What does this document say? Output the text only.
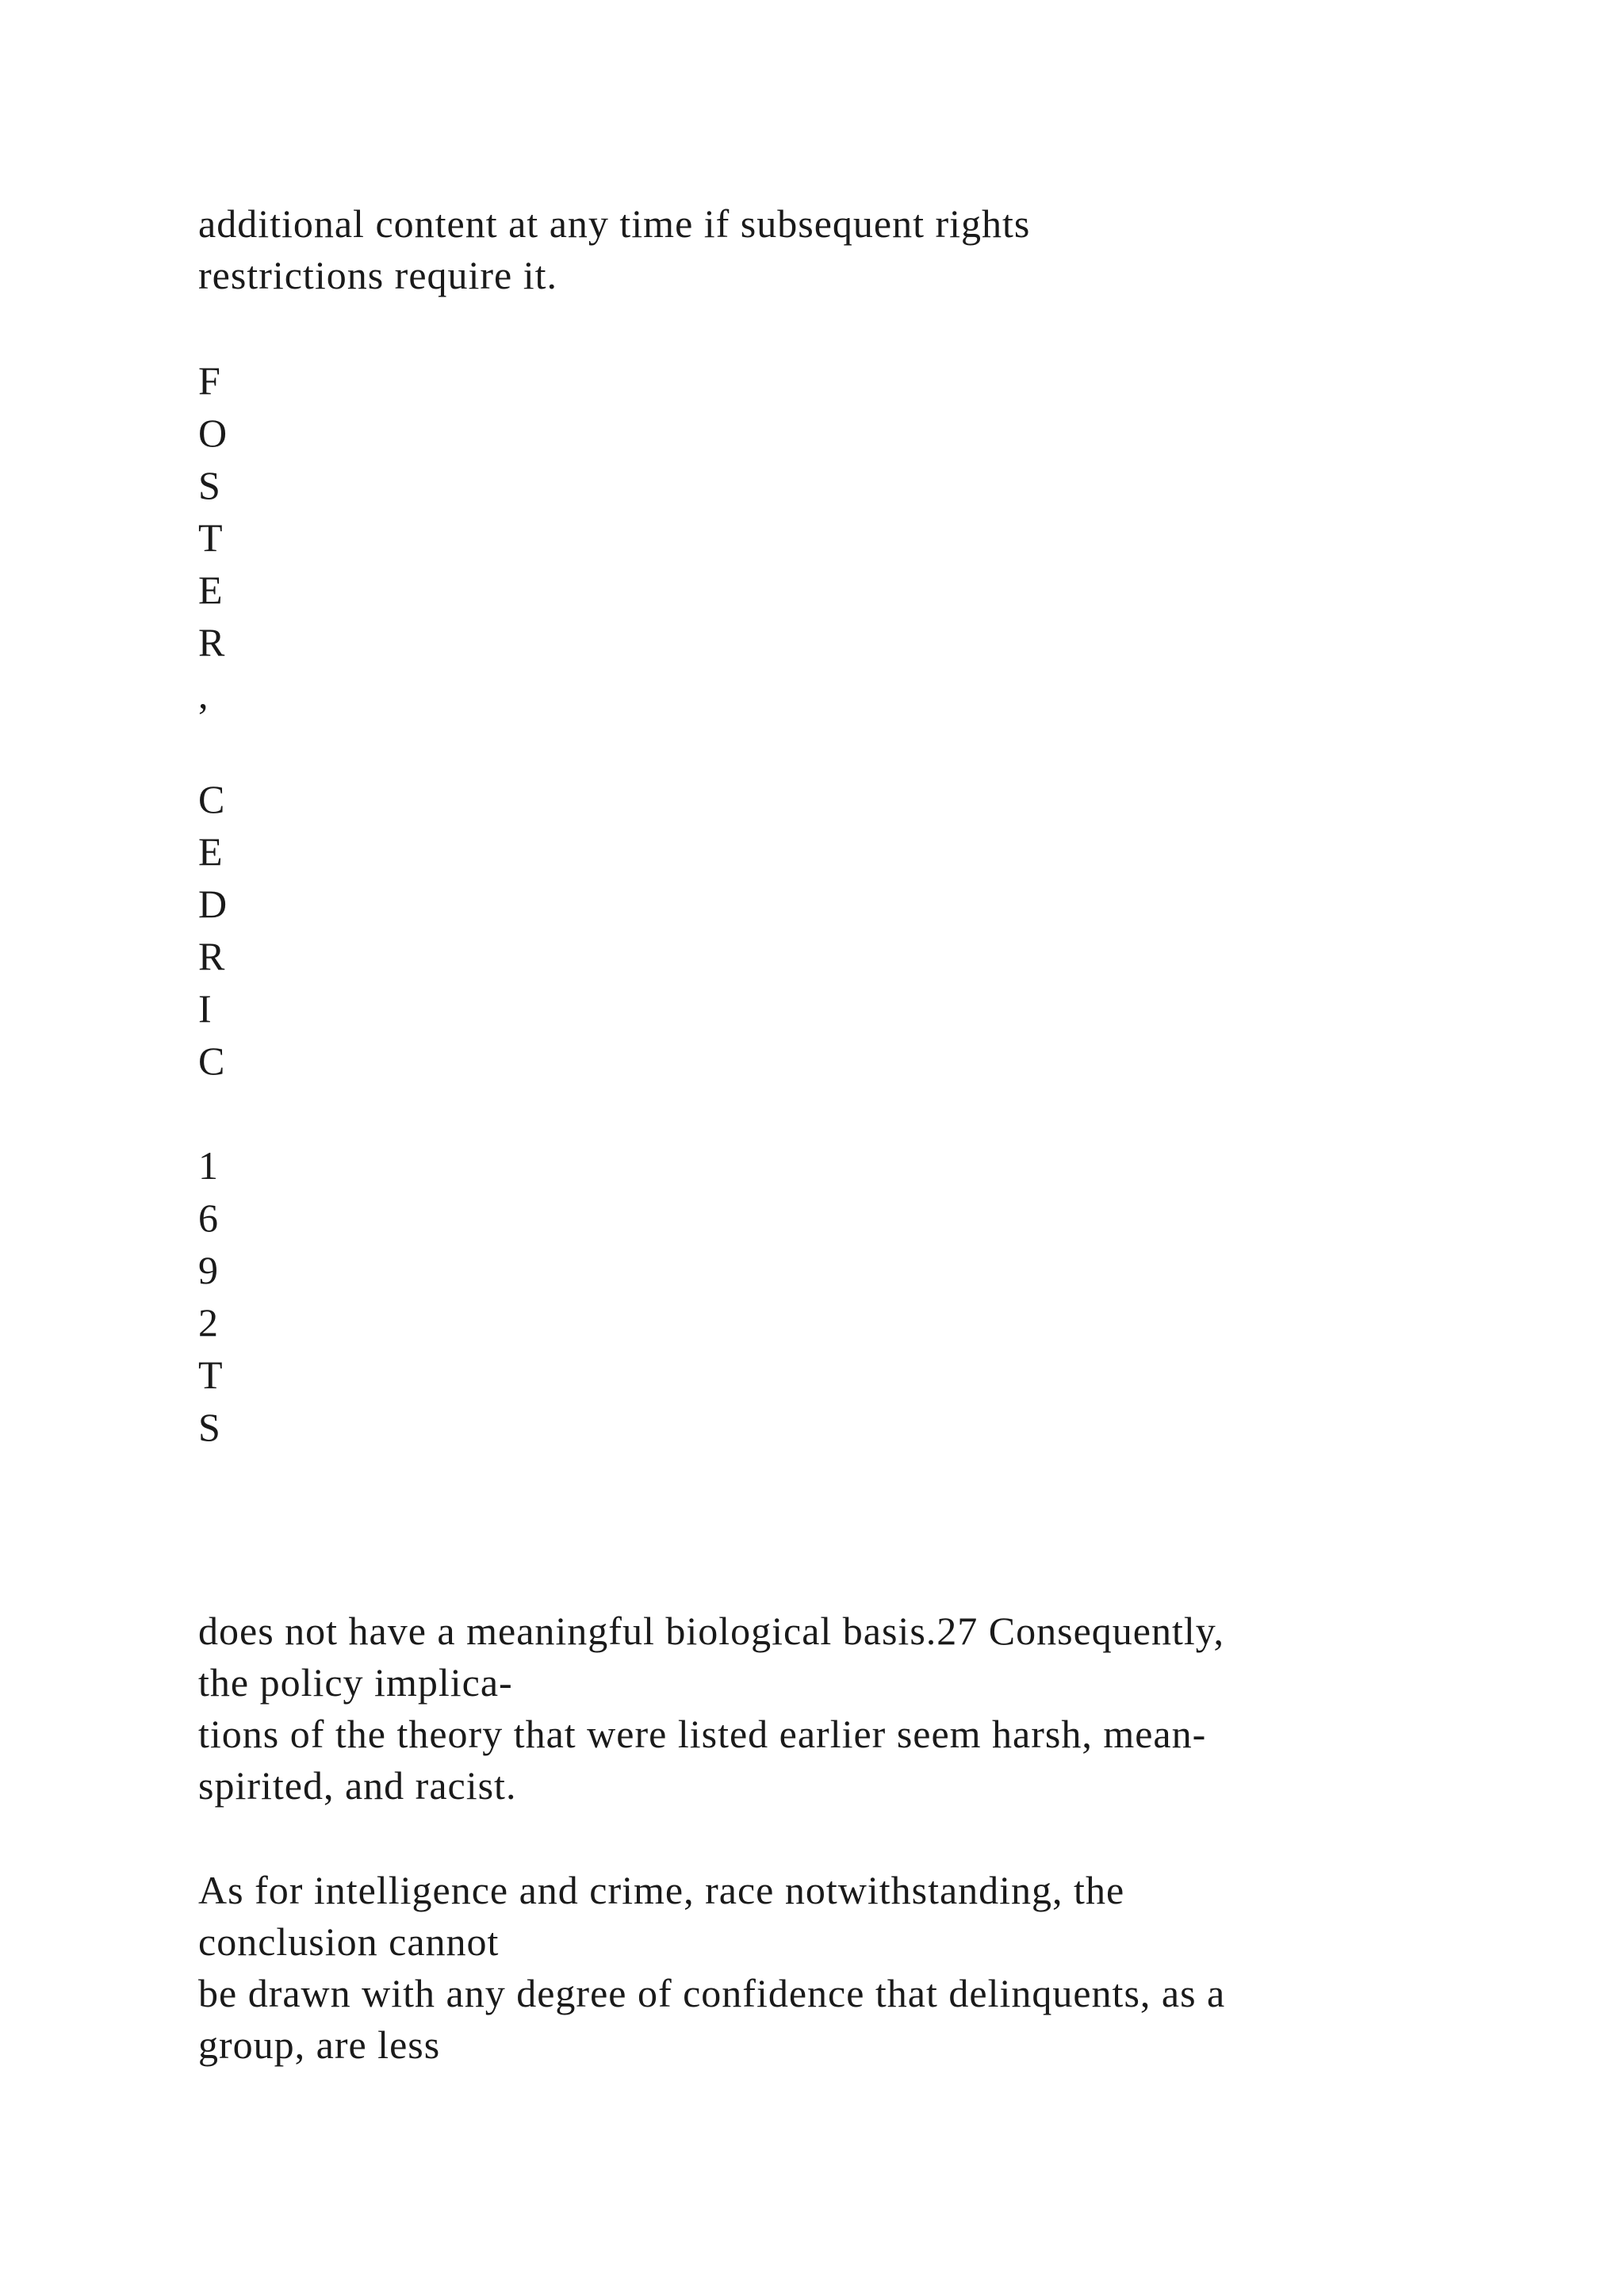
additional content at any time if subsequent rights
restrictions require it.
F
O
S
T
E
R
,
C
E
D
R
I
C
1
6
9
2
T
S
does not have a meaningful biological basis.27 Consequently,
the policy implica-
tions of the theory that were listed earlier seem harsh, mean-
spirited, and racist.
As for intelligence and crime, race notwithstanding, the
conclusion cannot
be drawn with any degree of confidence that delinquents, as a
group, are less
